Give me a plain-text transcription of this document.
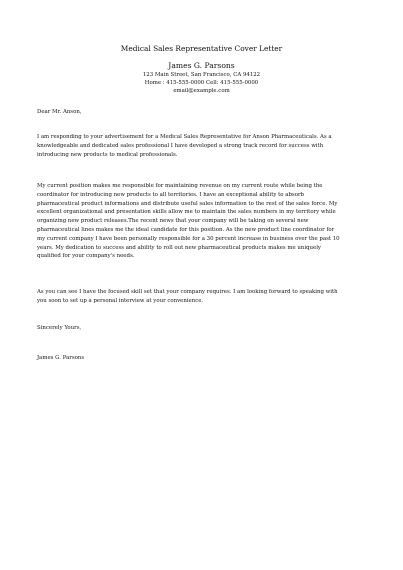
Medical Sales Representative Cover Letter
James G. Parsons
123 Main Street, San Francisco, CA 94122
Home : 415-555-0000 Cell: 415-555-0000
email@example.com

Dear Mr. Anson,

I am responding to your advertisement for a Medical Sales Representative for Anson Pharmaceuticals. As a
knowledgeable and dedicated sales professional I have developed a strong track record for success with
introducing new products to medical professionals.

My current position makes me responsible for maintaining revenue on my current route while being the
coordinator for introducing new products to all territories. I have an exceptional ability to absorb
pharmaceutical product informations and distribute useful sales information to the rest of the sales force. My
excellent organizational and presentation skills allow me to maintain the sales numbers in my territory while
organizing new product releases.The recent news that your company will be taking on several new
pharmaceutical lines makes me the ideal candidate for this position. As the new product line coordinator for
my current company I have been personally responsible for a 30 percent increase in business over the past 10
years. My dedication to success and ability to roll out new pharmaceutical products makes me uniquely
qualified for your company's needs.

As you can see I have the focused skill set that your company requires. I am looking forward to speaking with
you soon to set up a personal interview at your convenience.

Sincerely Yours,

James G. Parsons
